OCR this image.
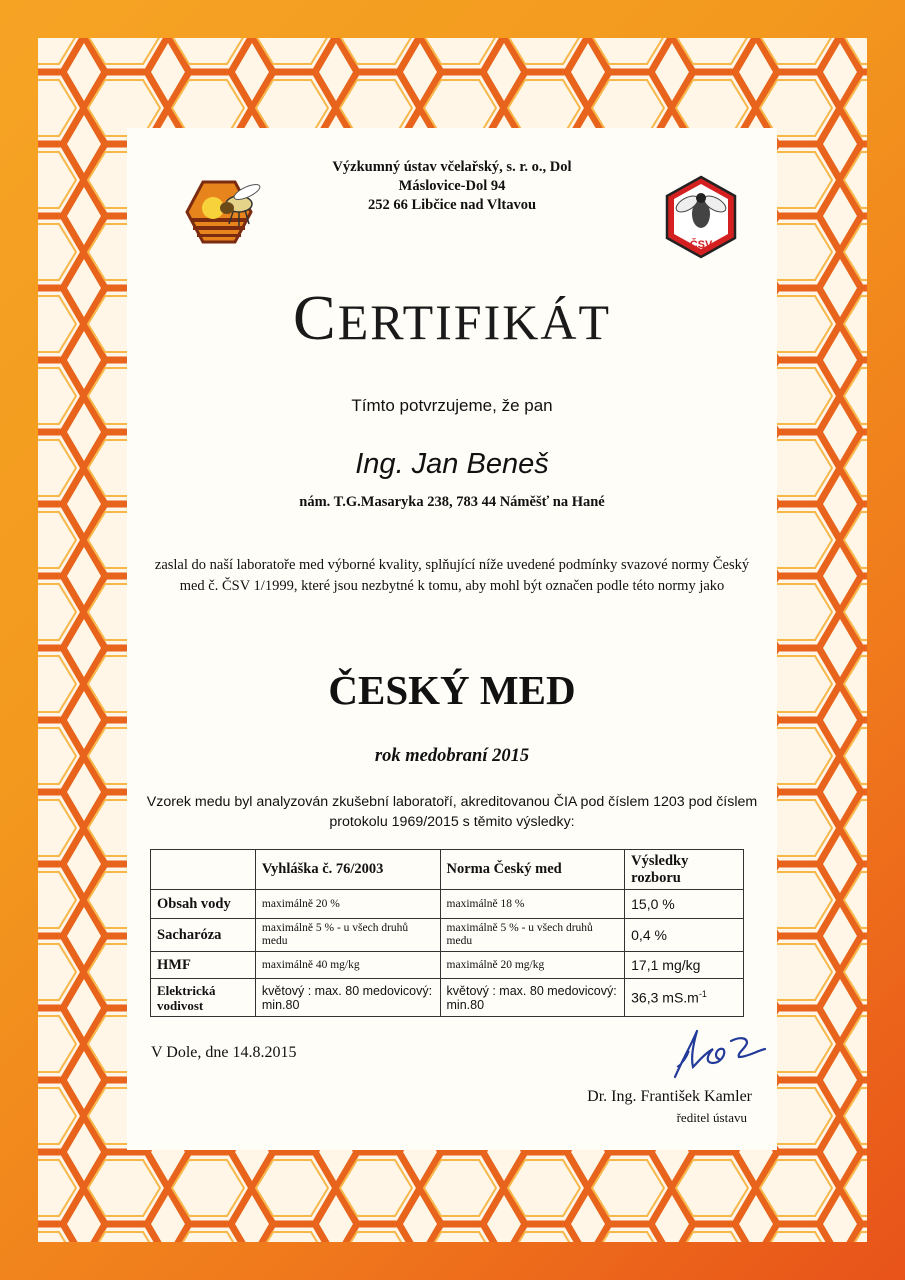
Výzkumný ústav včelařský, s. r. o., Dol
Máslovice-Dol 94
252 66 Libčice nad Vltavou
ČSV
CERTIFIKÁT
Tímto potvrzujeme, že pan
Ing. Jan Beneš
nám. T.G.Masaryka 238, 783 44 Náměšť na Hané
zaslal do naší laboratoře med výborné kvality, splňující níže uvedené podmínky svazové normy Český med č. ČSV 1/1999, které jsou nezbytné k tomu, aby mohl být označen podle této normy jako
ČESKÝ MED
rok medobraní 2015
Vzorek medu byl analyzován zkušební laboratoří, akreditovanou ČIA pod číslem 1203 pod číslem protokolu 1969/2015 s těmito výsledky:
	Vyhláška č. 76/2003	Norma Český med	Výsledky rozboru
Obsah vody	maximálně 20 %	maximálně 18 %	15,0 %
Sacharóza	maximálně 5 % - u všech druhů medu	maximálně 5 % - u všech druhů medu	0,4 %
HMF	maximálně 40 mg/kg	maximálně 20 mg/kg	17,1 mg/kg
Elektrická vodivost	květový : max. 80 medovicový: min.80	květový : max. 80 medovicový: min.80	36,3 $mS.m^{-1}$
V Dole, dne 14.8.2015
Dr. Ing. František Kamler
ředitel ústavu
